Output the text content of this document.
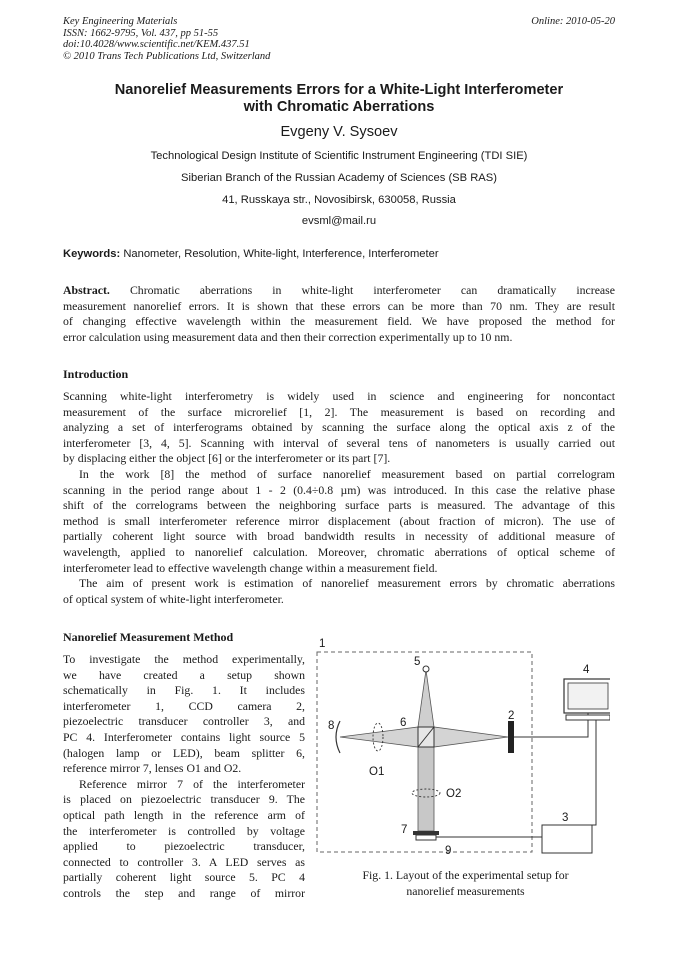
Key Engineering Materials
ISSN: 1662-9795, Vol. 437, pp 51-55
doi:10.4028/www.scientific.net/KEM.437.51
© 2010 Trans Tech Publications Ltd, Switzerland
Online: 2010-05-20
Nanorelief Measurements Errors for a White-Light Interferometer
with Chromatic Aberrations
Evgeny V. Sysoev
Technological Design Institute of Scientific Instrument Engineering (TDI SIE)
Siberian Branch of the Russian Academy of Sciences (SB RAS)
41, Russkaya str., Novosibirsk, 630058, Russia
evsml@mail.ru
Keywords: Nanometer, Resolution, White-light, Interference, Interferometer
Abstract. Chromatic aberrations in white-light interferometer can dramatically increase
measurement nanorelief errors. It is shown that these errors can be more than 70 nm. They are result
of changing effective wavelength within the measurement field. We have proposed the method for
error calculation using measurement data and then their correction experimentally up to 10 nm.
Introduction
Scanning white-light interferometry is widely used in science and engineering for noncontact
measurement of the surface microrelief [1, 2]. The measurement is based on recording and
analyzing a set of interferograms obtained by scanning the surface along the optical axis z of the
interferometer [3, 4, 5]. Scanning with interval of several tens of nanometers is usually carried out
by displacing either the object [6] or the interferometer or its part [7].
In the work [8] the method of surface nanorelief measurement based on partial correlogram
scanning in the period range about 1 - 2 (0.4÷0.8 µm) was introduced. In this case the relative phase
shift of the correlograms between the neighboring surface parts is measured. The advantage of this
method is small interferometer reference mirror displacement (about fraction of micron). The use of
partially coherent light source with broad bandwidth results in necessity of additional measure of
wavelength, applied to nanorelief calculation. Moreover, chromatic aberrations of optical scheme of
interferometer lead to effective wavelength change within a measurement field.
The aim of present work is estimation of nanorelief measurement errors by chromatic aberrations
of optical system of white-light interferometer.
Nanorelief Measurement Method
To investigate the method experimentally,
we have created a setup shown
schematically in Fig. 1. It includes
interferometer 1, CCD camera 2,
piezoelectric transducer controller 3, and
PC 4. Interferometer contains light source 5
(halogen lamp or LED), beam splitter 6,
reference mirror 7, lenses O1 and O2.
Reference mirror 7 of the interferometer
is placed on piezoelectric transducer 9. The
optical path length in the reference arm of
the interferometer is controlled by voltage
applied to piezoelectric transducer,
connected to controller 3. A LED serves as
partially coherent light source 5. PC 4
controls the step and range of mirror
1
2
3
4
5
6
7
8
9
O1
O2
Fig. 1. Layout of the experimental setup for
nanorelief measurements
